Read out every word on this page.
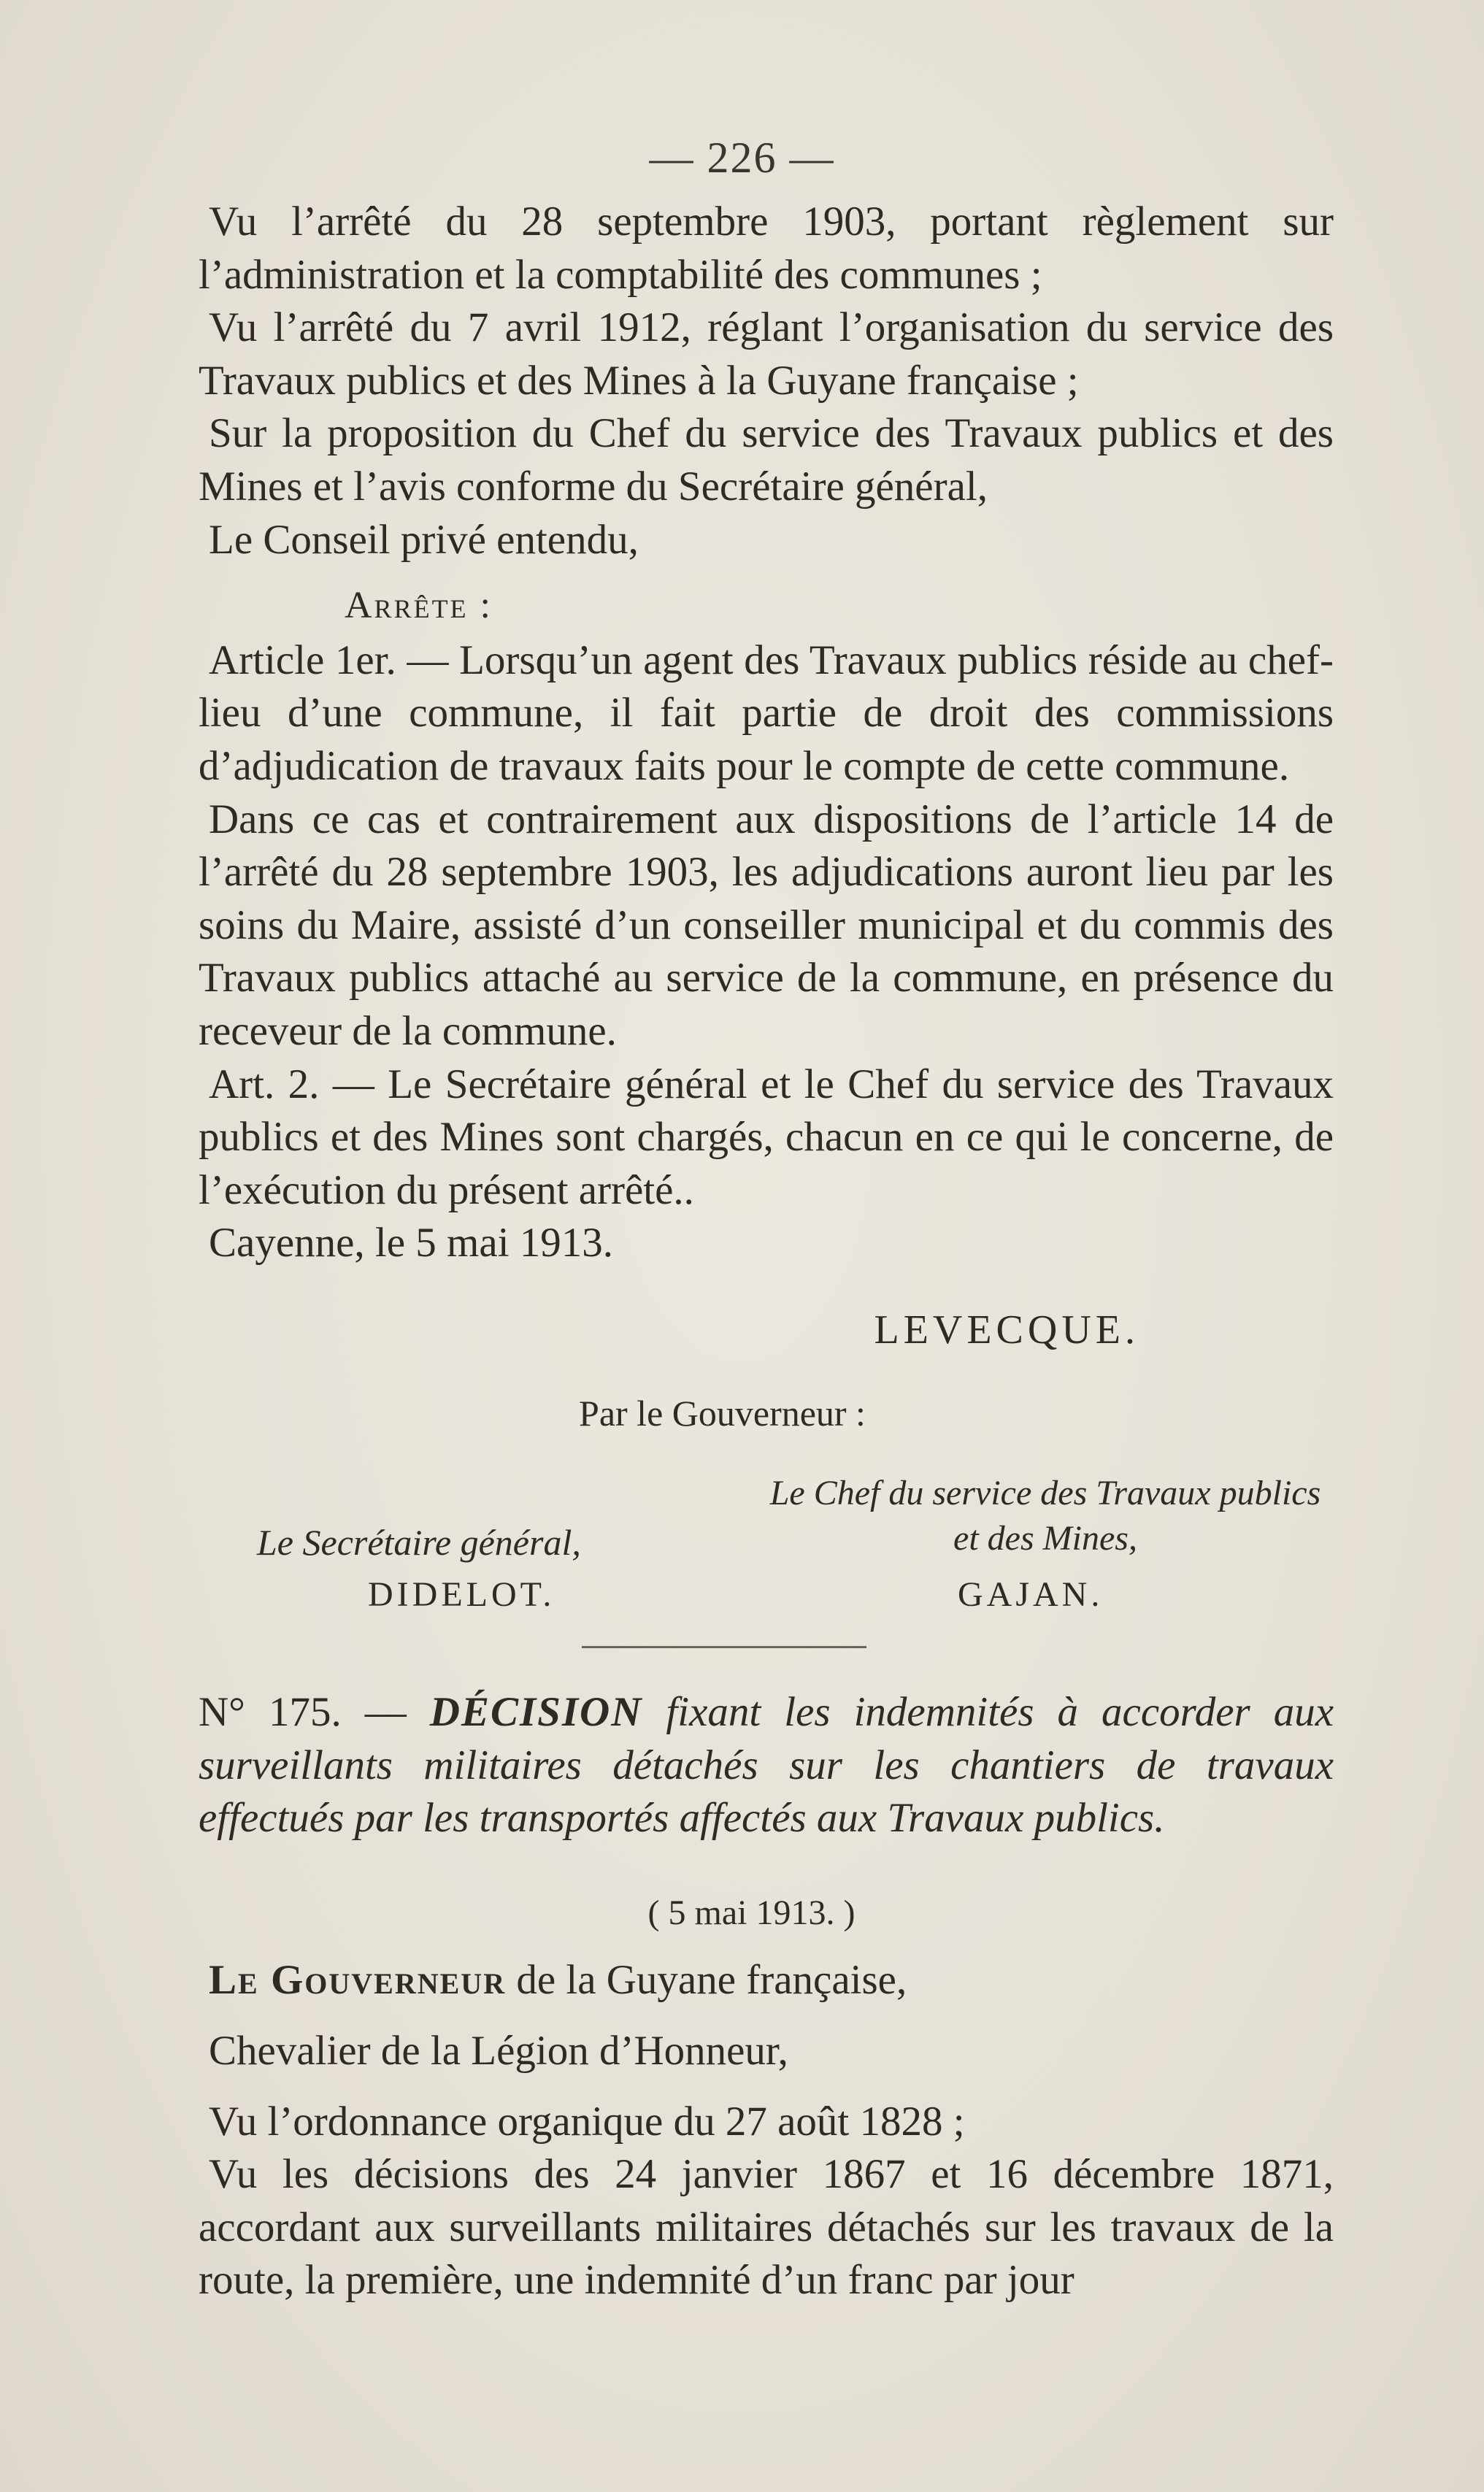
— 226 —

Vu l’arrêté du 28 septembre 1903, portant règlement sur l’administration et la comptabilité des communes ;

Vu l’arrêté du 7 avril 1912, réglant l’organisation du service des Travaux publics et des Mines à la Guyane française ;

Sur la proposition du Chef du service des Travaux publics et des Mines et l’avis conforme du Secrétaire général,

Le Conseil privé entendu,

Arrête :

Article 1er. — Lorsqu’un agent des Travaux publics réside au chef-lieu d’une commune, il fait partie de droit des commissions d’adjudication de travaux faits pour le compte de cette commune.

Dans ce cas et contrairement aux dispositions de l’article 14 de l’arrêté du 28 septembre 1903, les adjudications auront lieu par les soins du Maire, assisté d’un conseiller municipal et du commis des Travaux publics attaché au service de la commune, en présence du receveur de la commune.

Art. 2. — Le Secrétaire général et le Chef du service des Travaux publics et des Mines sont chargés, chacun en ce qui le concerne, de l’exécution du présent arrêté..

Cayenne, le 5 mai 1913.

LEVECQUE.
Par le Gouverneur :
Le Secrétaire général,
DIDELOT.
Le Chef du service des Travaux publics et des Mines,
GAJAN.

N° 175. — DÉCISION fixant les indemnités à accorder aux surveillants militaires détachés sur les chantiers de travaux effectués par les transportés affectés aux Travaux publics.

( 5 mai 1913. )

Le Gouverneur de la Guyane française,

Chevalier de la Légion d’Honneur,

Vu l’ordonnance organique du 27 août 1828 ;

Vu les décisions des 24 janvier 1867 et 16 décembre 1871, accordant aux surveillants militaires détachés sur les travaux de la route, la première, une indemnité d’un franc par jour
